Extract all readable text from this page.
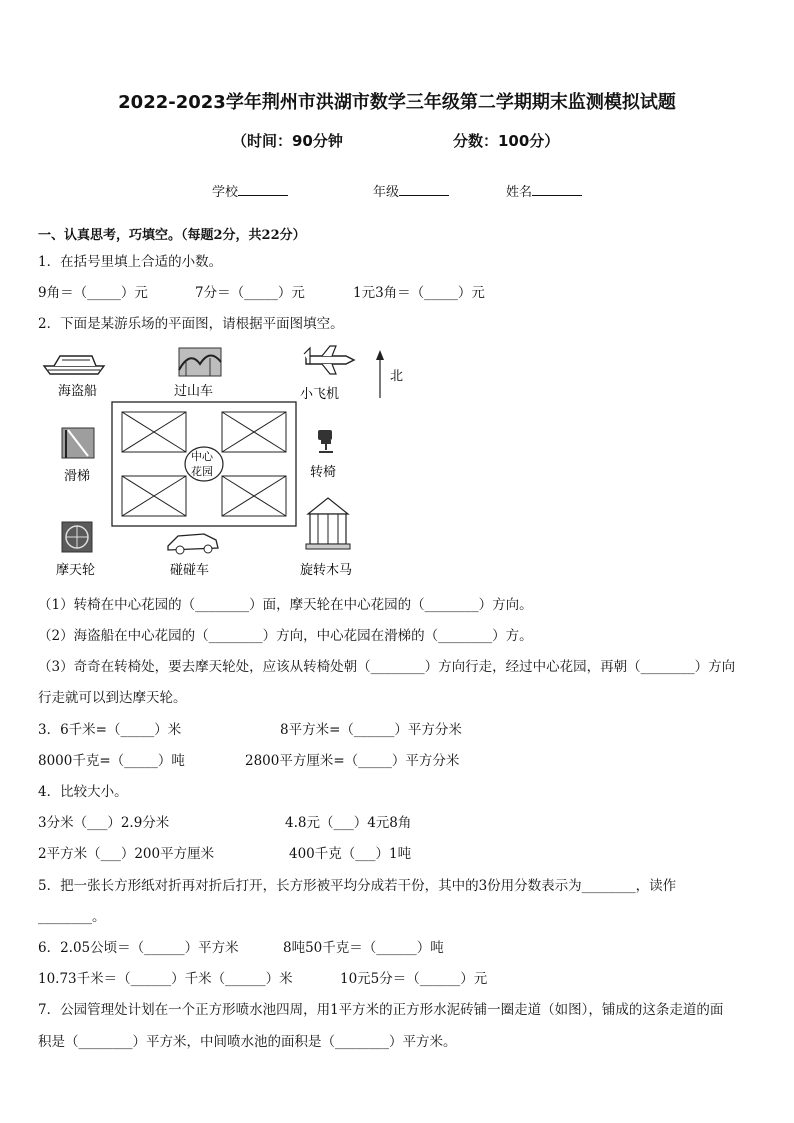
2022-2023学年荆州市洪湖市数学三年级第二学期期末监测模拟试题
（时间：90分钟	分数：100分）
学校	年级	姓名
一、认真思考，巧填空。（每题2分，共22分）
1．在括号里填上合适的小数。
9角＝（_____）元	7分＝（_____）元	1元3角＝（_____）元
2．下面是某游乐场的平面图，请根据平面图填空。
海盗船	过山车	小飞机
北
中心
花园
滑梯	转椅
摩天轮	碰碰车	旋转木马
（1）转椅在中心花园的（________）面，摩天轮在中心花园的（________）方向。
（2）海盗船在中心花园的（________）方向，中心花园在滑梯的（________）方。
（3）奇奇在转椅处，要去摩天轮处，应该从转椅处朝（________）方向行走，经过中心花园，再朝（________）方向
行走就可以到达摩天轮。
3．6千米=（_____）米	8平方米=（______）平方分米
8000千克=（_____）吨	2800平方厘米=（_____）平方分米
4．比较大小。
3分米（___）2.9分米	4.8元（___）4元8角
2平方米（___）200平方厘米	400千克（___）1吨
5．把一张长方形纸对折再对折后打开，长方形被平均分成若干份，其中的3份用分数表示为________，读作
________。
6．2.05公顷＝（______）平方米	8吨50千克＝（______）吨
10.73千米＝（______）千米（______）米	10元5分＝（______）元
7．公园管理处计划在一个正方形喷水池四周，用1平方米的正方形水泥砖铺一圈走道（如图），铺成的这条走道的面
积是（________）平方米，中间喷水池的面积是（________）平方米。
